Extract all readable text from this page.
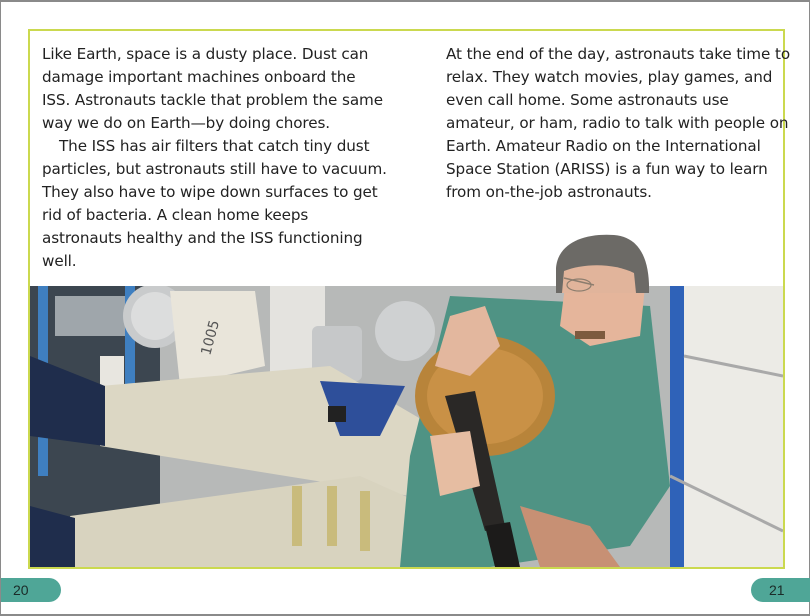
Like Earth, space is a dusty place. Dust can damage important machines onboard the ISS. Astronauts tackle that problem the same way we do on Earth—by doing chores.

The ISS has air filters that catch tiny dust particles, but astronauts still have to vacuum. They also have to wipe down surfaces to get rid of bacteria. A clean home keeps astronauts healthy and the ISS functioning well.

At the end of the day, astronauts take time to relax. They watch movies, play games, and even call home. Some astronauts use amateur, or ham, radio to talk with people on Earth. Amateur Radio on the International Space Station (ARISS) is a fun way to learn from on-the-job astronauts.

1005
20	21
